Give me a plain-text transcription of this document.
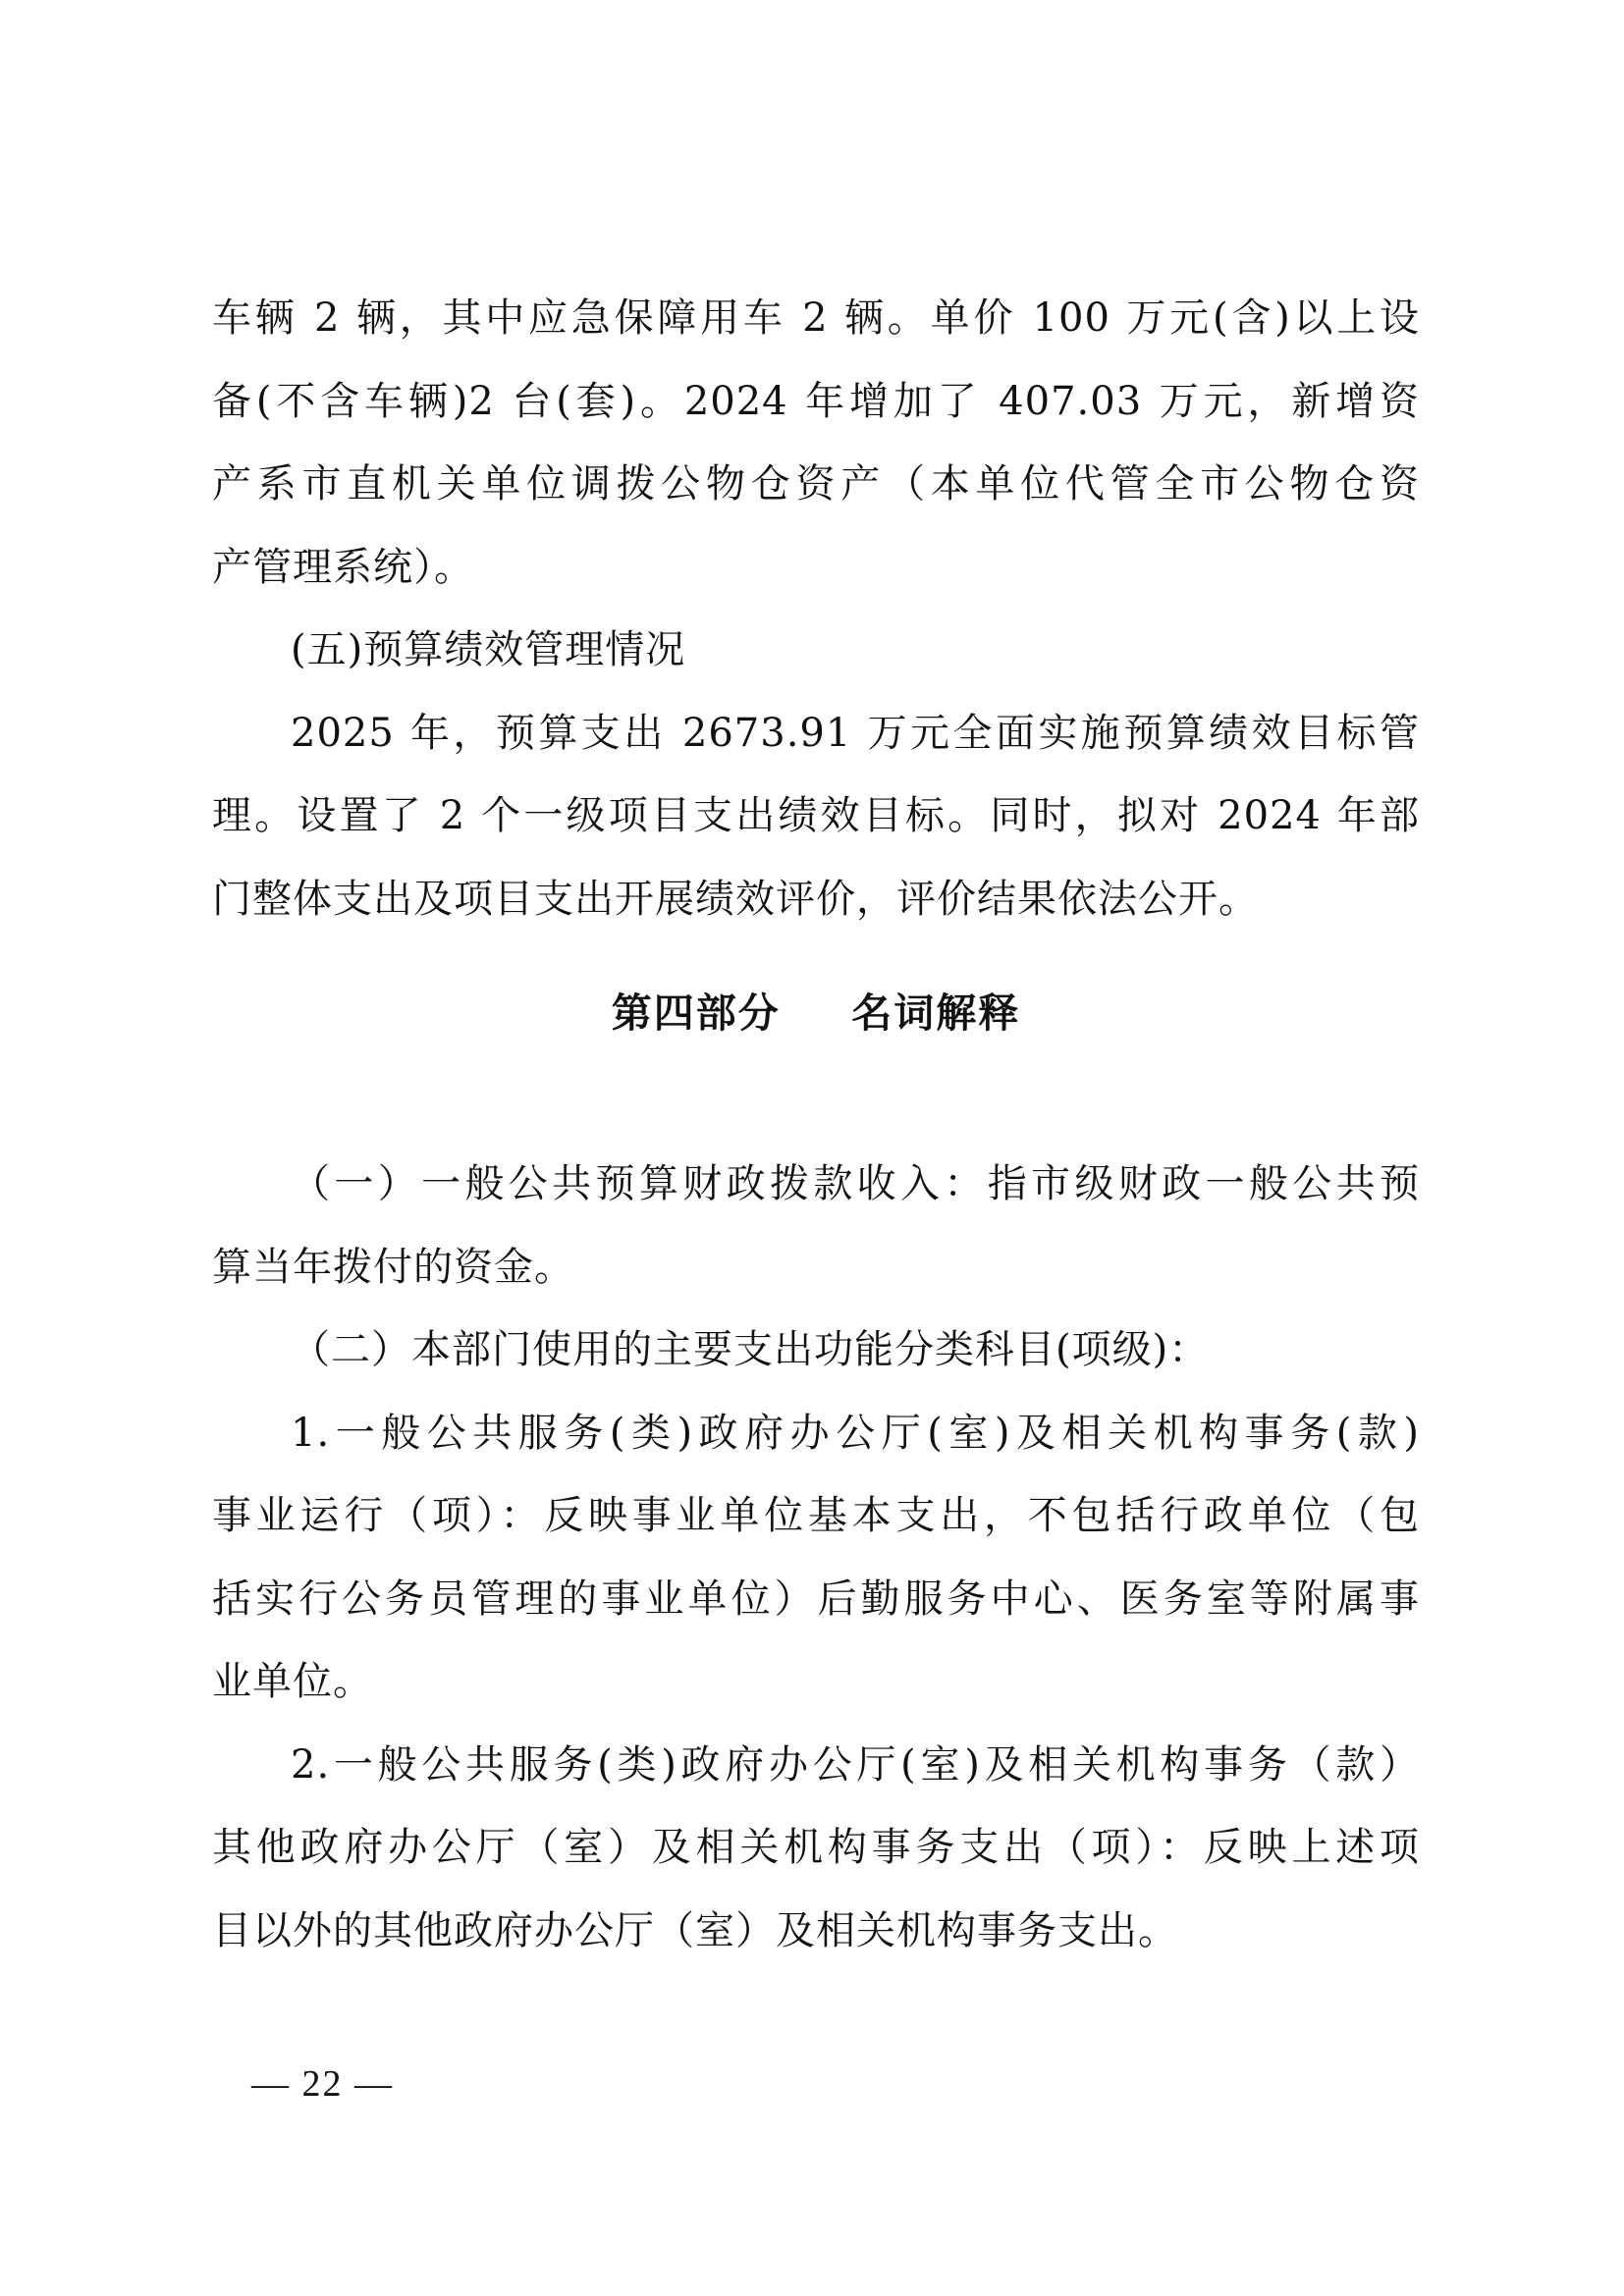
车辆 2 辆，其中应急保障用车 2 辆。单价 100 万元(含)以上设
备(不含车辆)2 台(套)。2024 年增加了 407.03 万元，新增资
产系市直机关单位调拨公物仓资产（本单位代管全市公物仓资
产管理系统）。
(五)预算绩效管理情况
2025 年，预算支出 2673.91 万元全面实施预算绩效目标管
理。设置了 2 个一级项目支出绩效目标。同时，拟对 2024 年部
门整体支出及项目支出开展绩效评价，评价结果依法公开。
第四部分  名词解释
（一）一般公共预算财政拨款收入：指市级财政一般公共预
算当年拨付的资金。
（二）本部门使用的主要支出功能分类科目(项级)：
1.一般公共服务(类)政府办公厅(室)及相关机构事务(款)
事业运行（项）：反映事业单位基本支出，不包括行政单位（包
括实行公务员管理的事业单位）后勤服务中心、医务室等附属事
业单位。
2.一般公共服务(类)政府办公厅(室)及相关机构事务（款）
其他政府办公厅（室）及相关机构事务支出（项）：反映上述项
目以外的其他政府办公厅（室）及相关机构事务支出。
— 22 —
